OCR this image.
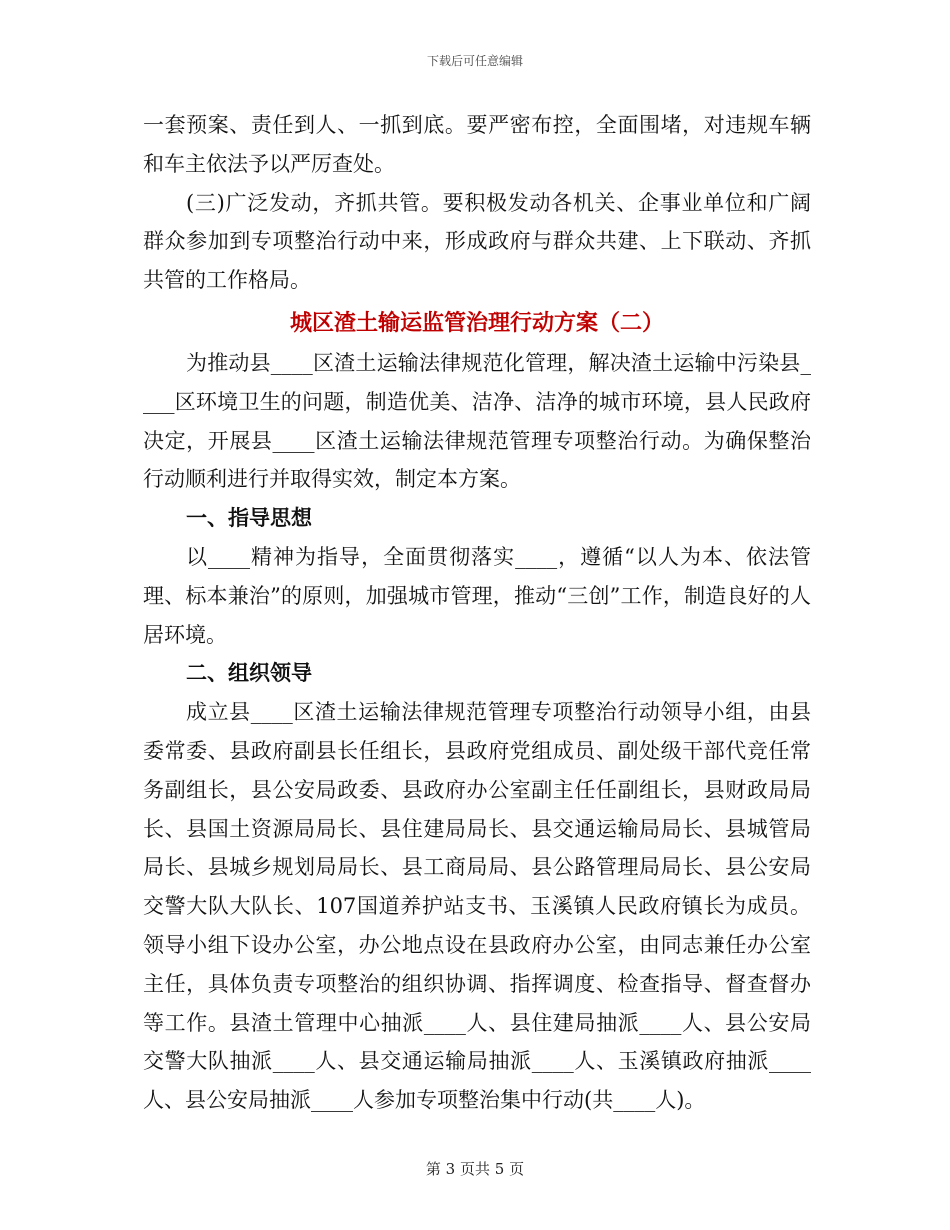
下载后可任意编辑

一套预案、责任到人、一抓到底。要严密布控，全面围堵，对违规车辆和车主依法予以严厉查处。

(三)广泛发动，齐抓共管。要积极发动各机关、企事业单位和广阔群众参加到专项整治行动中来，形成政府与群众共建、上下联动、齐抓共管的工作格局。

城区渣土输运监管治理行动方案（二）

为推动县____区渣土运输法律规范化管理，解决渣土运输中污染县____区环境卫生的问题，制造优美、洁净、洁净的城市环境，县人民政府决定，开展县____区渣土运输法律规范管理专项整治行动。为确保整治行动顺利进行并取得实效，制定本方案。

一、指导思想

以____精神为指导，全面贯彻落实____，遵循“以人为本、依法管理、标本兼治”的原则，加强城市管理，推动“三创”工作，制造良好的人居环境。

二、组织领导

成立县____区渣土运输法律规范管理专项整治行动领导小组，由县委常委、县政府副县长任组长，县政府党组成员、副处级干部代竞任常务副组长，县公安局政委、县政府办公室副主任任副组长，县财政局局长、县国土资源局局长、县住建局局长、县交通运输局局长、县城管局局长、县城乡规划局局长、县工商局局、县公路管理局局长、县公安局交警大队大队长、107国道养护站支书、玉溪镇人民政府镇长为成员。领导小组下设办公室，办公地点设在县政府办公室，由同志兼任办公室主任，具体负责专项整治的组织协调、指挥调度、检查指导、督查督办等工作。县渣土管理中心抽派____人、县住建局抽派____人、县公安局交警大队抽派____人、县交通运输局抽派____人、玉溪镇政府抽派____人、县公安局抽派____人参加专项整治集中行动(共____人)。

第 3 页共 5 页
